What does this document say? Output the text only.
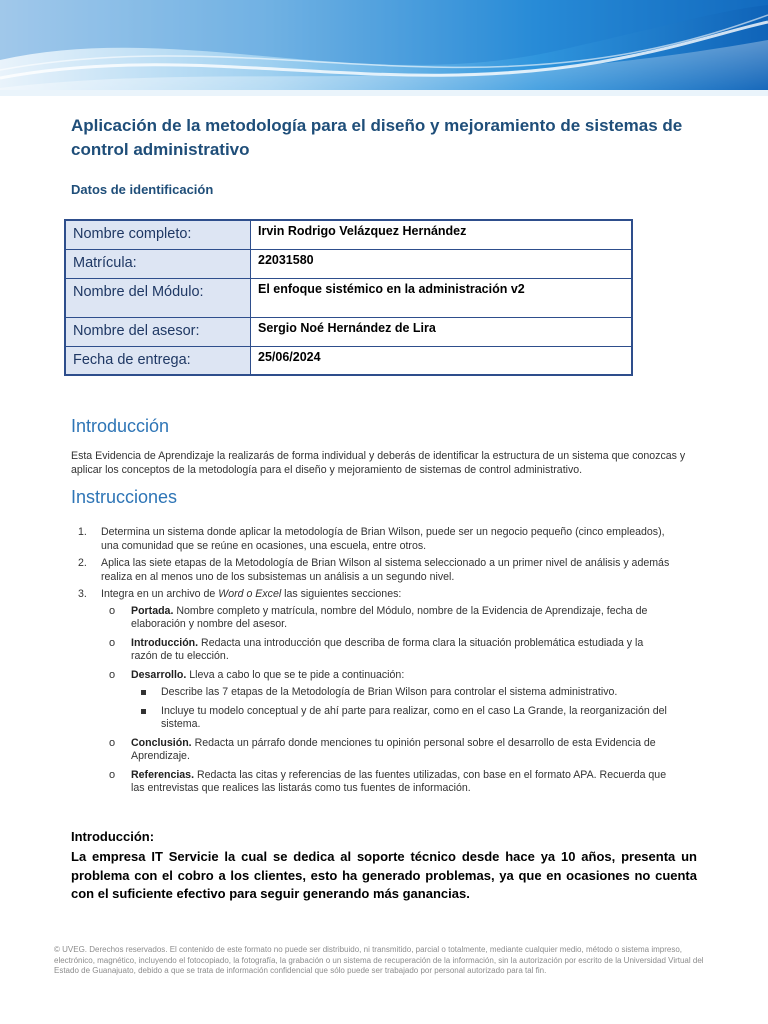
Aplicación de la metodología para el diseño y mejoramiento de sistemas de control administrativo
Datos de identificación
Nombre completo:	Irvin Rodrigo Velázquez Hernández
Matrícula:	22031580
Nombre del Módulo:	El enfoque sistémico en la administración v2
Nombre del asesor:	Sergio Noé Hernández de Lira
Fecha de entrega:	25/06/2024
Introducción

Esta Evidencia de Aprendizaje la realizarás de forma individual y deberás de identificar la estructura de un sistema que conozcas y aplicar los conceptos de la metodología para el diseño y mejoramiento de sistemas de control administrativo.

Instrucciones
1. Determina un sistema donde aplicar la metodología de Brian Wilson, puede ser un negocio pequeño (cinco empleados), una comunidad que se reúne en ocasiones, una escuela, entre otros.
2. Aplica las siete etapas de la Metodología de Brian Wilson al sistema seleccionado a un primer nivel de análisis y además realiza en al menos uno de los subsistemas un análisis a un segundo nivel.
3. Integra en un archivo de Word o Excel las siguientes secciones:
o Portada. Nombre completo y matrícula, nombre del Módulo, nombre de la Evidencia de Aprendizaje, fecha de elaboración y nombre del asesor.
o Introducción. Redacta una introducción que describa de forma clara la situación problemática estudiada y la razón de tu elección.
o Desarrollo. Lleva a cabo lo que se te pide a continuación:
Describe las 7 etapas de la Metodología de Brian Wilson para controlar el sistema administrativo.
Incluye tu modelo conceptual y de ahí parte para realizar, como en el caso La Grande, la reorganización del sistema.
o Conclusión. Redacta un párrafo donde menciones tu opinión personal sobre el desarrollo de esta Evidencia de Aprendizaje.
o Referencias. Redacta las citas y referencias de las fuentes utilizadas, con base en el formato APA. Recuerda que las entrevistas que realices las listarás como tus fuentes de información.
Introducción:

La empresa IT Servicie la cual se dedica al soporte técnico desde hace ya 10 años, presenta un problema con el cobro a los clientes, esto ha generado problemas, ya que en ocasiones no cuenta con el suficiente efectivo para seguir generando más ganancias.

© UVEG. Derechos reservados. El contenido de este formato no puede ser distribuido, ni transmitido, parcial o totalmente, mediante cualquier medio, método o sistema impreso, electrónico, magnético, incluyendo el fotocopiado, la fotografía, la grabación o un sistema de recuperación de la información, sin la autorización por escrito de la Universidad Virtual del Estado de Guanajuato, debido a que se trata de información confidencial que sólo puede ser trabajado por personal autorizado para tal fin.
